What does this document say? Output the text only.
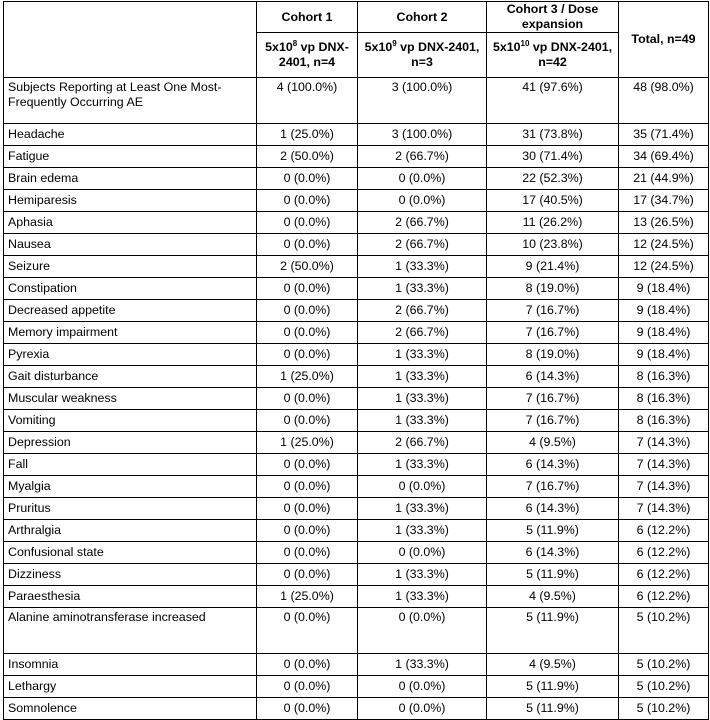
	Cohort 1	Cohort 2	Cohort 3 / Dose expansion	Total, n=49
	$5x10^8$ vp DNX-2401, n=4	$5x10^9$ vp DNX-2401, n=3	$5x10^{10}$ vp DNX-2401, n=42	
Subjects Reporting at Least One Most-Frequently Occurring AE	4 (100.0%)	3 (100.0%)	41 (97.6%)	48 (98.0%)
Headache	1 (25.0%)	3 (100.0%)	31 (73.8%)	35 (71.4%)
Fatigue	2 (50.0%)	2 (66.7%)	30 (71.4%)	34 (69.4%)
Brain edema	0 (0.0%)	0 (0.0%)	22 (52.3%)	21 (44.9%)
Hemiparesis	0 (0.0%)	0 (0.0%)	17 (40.5%)	17 (34.7%)
Aphasia	0 (0.0%)	2 (66.7%)	11 (26.2%)	13 (26.5%)
Nausea	0 (0.0%)	2 (66.7%)	10 (23.8%)	12 (24.5%)
Seizure	2 (50.0%)	1 (33.3%)	9 (21.4%)	12 (24.5%)
Constipation	0 (0.0%)	1 (33.3%)	8 (19.0%)	9 (18.4%)
Decreased appetite	0 (0.0%)	2 (66.7%)	7 (16.7%)	9 (18.4%)
Memory impairment	0 (0.0%)	2 (66.7%)	7 (16.7%)	9 (18.4%)
Pyrexia	0 (0.0%)	1 (33.3%)	8 (19.0%)	9 (18.4%)
Gait disturbance	1 (25.0%)	1 (33.3%)	6 (14.3%)	8 (16.3%)
Muscular weakness	0 (0.0%)	1 (33.3%)	7 (16.7%)	8 (16.3%)
Vomiting	0 (0.0%)	1 (33.3%)	7 (16.7%)	8 (16.3%)
Depression	1 (25.0%)	2 (66.7%)	4 (9.5%)	7 (14.3%)
Fall	0 (0.0%)	1 (33.3%)	6 (14.3%)	7 (14.3%)
Myalgia	0 (0.0%)	0 (0.0%)	7 (16.7%)	7 (14.3%)
Pruritus	0 (0.0%)	1 (33.3%)	6 (14.3%)	7 (14.3%)
Arthralgia	0 (0.0%)	1 (33.3%)	5 (11.9%)	6 (12.2%)
Confusional state	0 (0.0%)	0 (0.0%)	6 (14.3%)	6 (12.2%)
Dizziness	0 (0.0%)	1 (33.3%)	5 (11.9%)	6 (12.2%)
Paraesthesia	1 (25.0%)	1 (33.3%)	4 (9.5%)	6 (12.2%)
Alanine aminotransferase increased	0 (0.0%)	0 (0.0%)	5 (11.9%)	5 (10.2%)
Insomnia	0 (0.0%)	1 (33.3%)	4 (9.5%)	5 (10.2%)
Lethargy	0 (0.0%)	0 (0.0%)	5 (11.9%)	5 (10.2%)
Somnolence	0 (0.0%)	0 (0.0%)	5 (11.9%)	5 (10.2%)
